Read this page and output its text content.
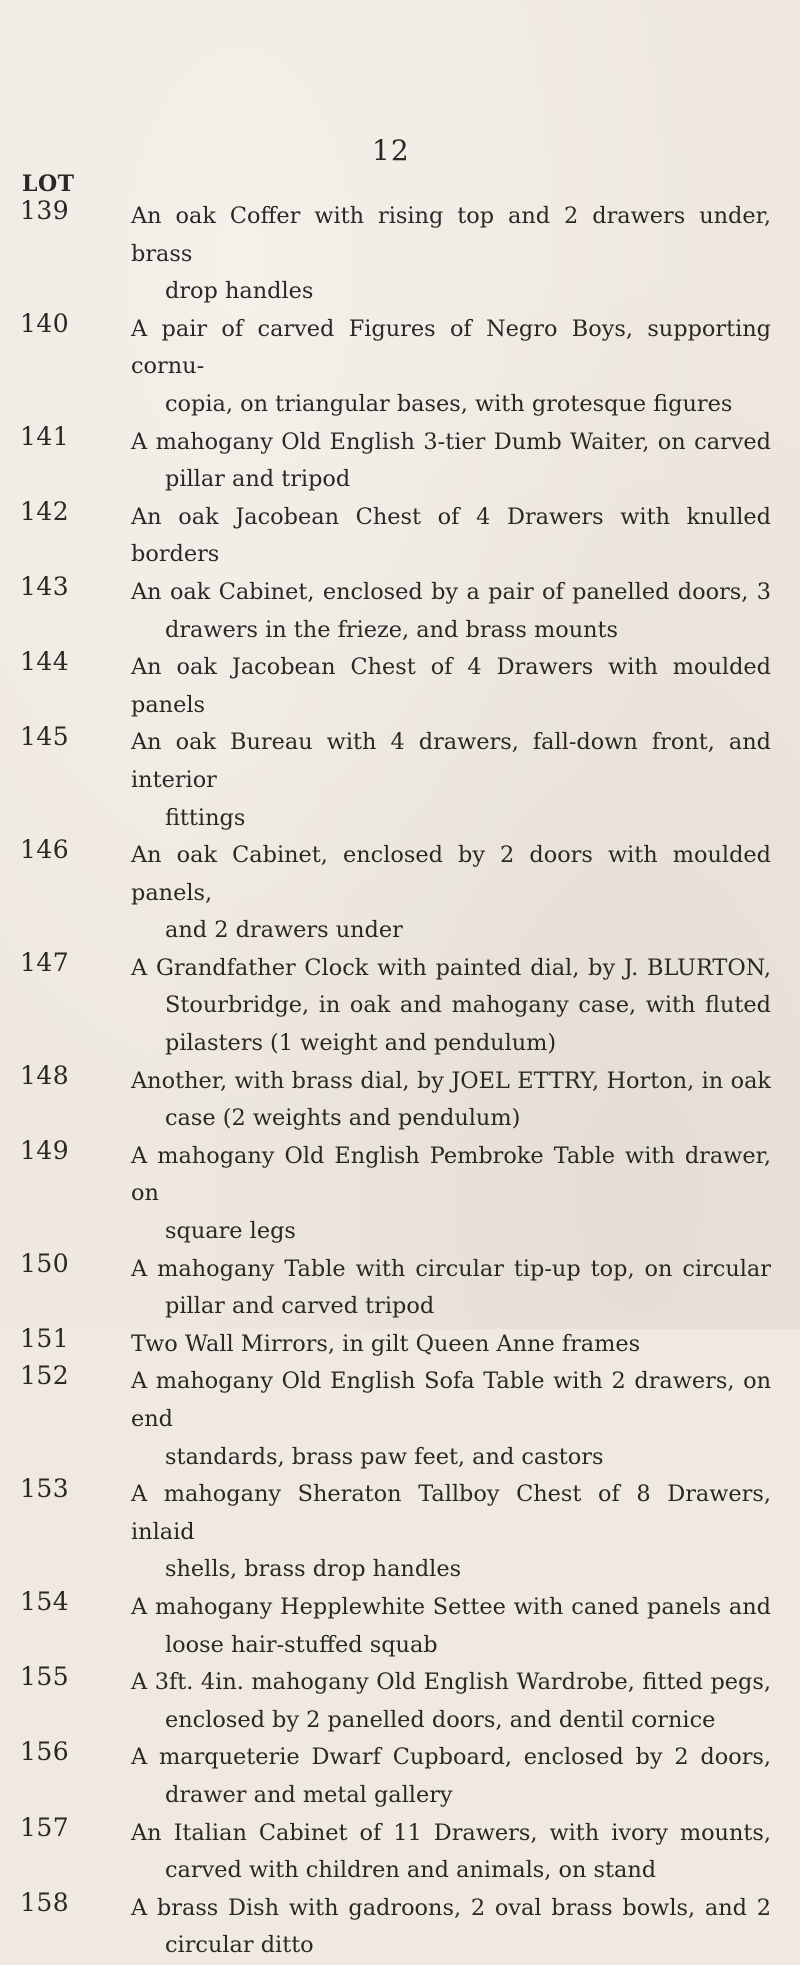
12
LOT
139	An oak Coffer with rising top and 2 drawers under, brass
drop handles
140	A pair of carved Figures of Negro Boys, supporting cornu-
copia, on triangular bases, with grotesque figures
141	A mahogany Old English 3-tier Dumb Waiter, on carved
pillar and tripod
142	An oak Jacobean Chest of 4 Drawers with knulled borders
143	An oak Cabinet, enclosed by a pair of panelled doors, 3
drawers in the frieze, and brass mounts
144	An oak Jacobean Chest of 4 Drawers with moulded panels
145	An oak Bureau with 4 drawers, fall-down front, and interior
fittings
146	An oak Cabinet, enclosed by 2 doors with moulded panels,
and 2 drawers under
147	A Grandfather Clock with painted dial, by J. BLURTON,
Stourbridge, in oak and mahogany case, with fluted
pilasters (1 weight and pendulum)
148	Another, with brass dial, by JOEL ETTRY, Horton, in oak
case (2 weights and pendulum)
149	A mahogany Old English Pembroke Table with drawer, on
square legs
150	A mahogany Table with circular tip-up top, on circular
pillar and carved tripod
151	Two Wall Mirrors, in gilt Queen Anne frames
152	A mahogany Old English Sofa Table with 2 drawers, on end
standards, brass paw feet, and castors
153	A mahogany Sheraton Tallboy Chest of 8 Drawers, inlaid
shells, brass drop handles
154	A mahogany Hepplewhite Settee with caned panels and
loose hair-stuffed squab
155	A 3ft. 4in. mahogany Old English Wardrobe, fitted pegs,
enclosed by 2 panelled doors, and dentil cornice
156	A marqueterie Dwarf Cupboard, enclosed by 2 doors,
drawer and metal gallery
157	An Italian Cabinet of 11 Drawers, with ivory mounts,
carved with children and animals, on stand
158	A brass Dish with gadroons, 2 oval brass bowls, and 2
circular ditto
